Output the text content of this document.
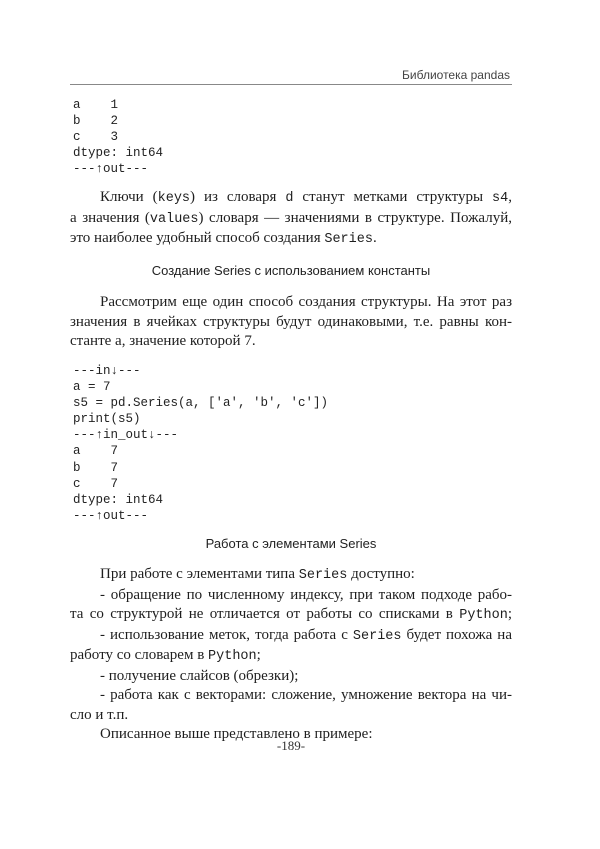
Библиотека pandas
a    1
b    2
c    3
dtype: int64
---↑out---
Ключи (keys) из словаря d станут метками структуры s4,
а значения (values) словаря — значениями в структуре. Пожалуй,
это наиболее удобный способ создания Series.
Создание Series с использованием константы
Рассмотрим еще один способ создания структуры. На этот раз
значения в ячейках структуры будут одинаковыми, т.е. равны кон-
станте а, значение которой 7.
---in↓---
a = 7
s5 = pd.Series(a, ['a', 'b', 'c'])
print(s5)
---↑in_out↓---
a    7
b    7
c    7
dtype: int64
---↑out---
Работа с элементами Series
При работе с элементами типа Series доступно:
- обращение по численному индексу, при таком подходе рабо-
та со структурой не отличается от работы со списками в Python;
- использование меток, тогда работа с Series будет похожа на
работу со словарем в Python;
- получение слайсов (обрезки);
- работа как с векторами: сложение, умножение вектора на чи-
сло и т.п.
Описанное выше представлено в примере:
-189-
